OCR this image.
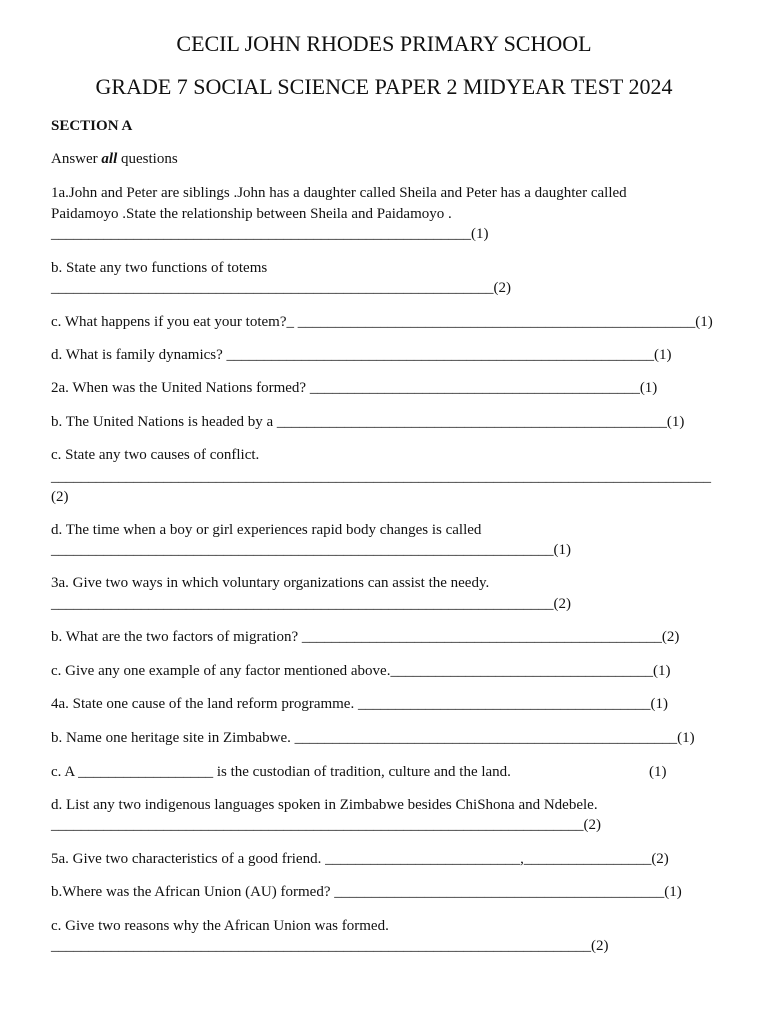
CECIL JOHN RHODES PRIMARY SCHOOL
GRADE 7 SOCIAL SCIENCE PAPER 2 MIDYEAR TEST 2024

SECTION A

Answer all questions

1a.John and Peter are siblings .John has a daughter called Sheila and Peter has a daughter called

Paidamoyo .State the relationship between Sheila and Paidamoyo .

________________________________________________________(1)

b. State any two functions of totems

___________________________________________________________(2)

c. What happens if you eat your totem?_ _____________________________________________________(1)

d. What is family dynamics? _________________________________________________________(1)

2a. When was the United Nations formed? ____________________________________________(1)

b. The United Nations is headed by a ____________________________________________________(1)

c. State any two causes of conflict.

________________________________________________________________________________________

(2)

d. The time when a boy or girl experiences rapid body changes is called

___________________________________________________________________(1)

3a. Give two ways in which voluntary organizations can assist the needy.

___________________________________________________________________(2)

b. What are the two factors of migration? ________________________________________________(2)

c. Give any one example of any factor mentioned above.___________________________________(1)

4a. State one cause of the land reform programme. _______________________________________(1)

b. Name one heritage site in Zimbabwe. ___________________________________________________(1)

c. A __________________ is the custodian of tradition, culture and the land.	(1)

d. List any two indigenous languages spoken in Zimbabwe besides ChiShona and Ndebele.

_______________________________________________________________________(2)

5a. Give two characteristics of a good friend. __________________________,_________________(2)

b.Where was the African Union (AU) formed? ____________________________________________(1)

c. Give two reasons why the African Union was formed.

________________________________________________________________________(2)
